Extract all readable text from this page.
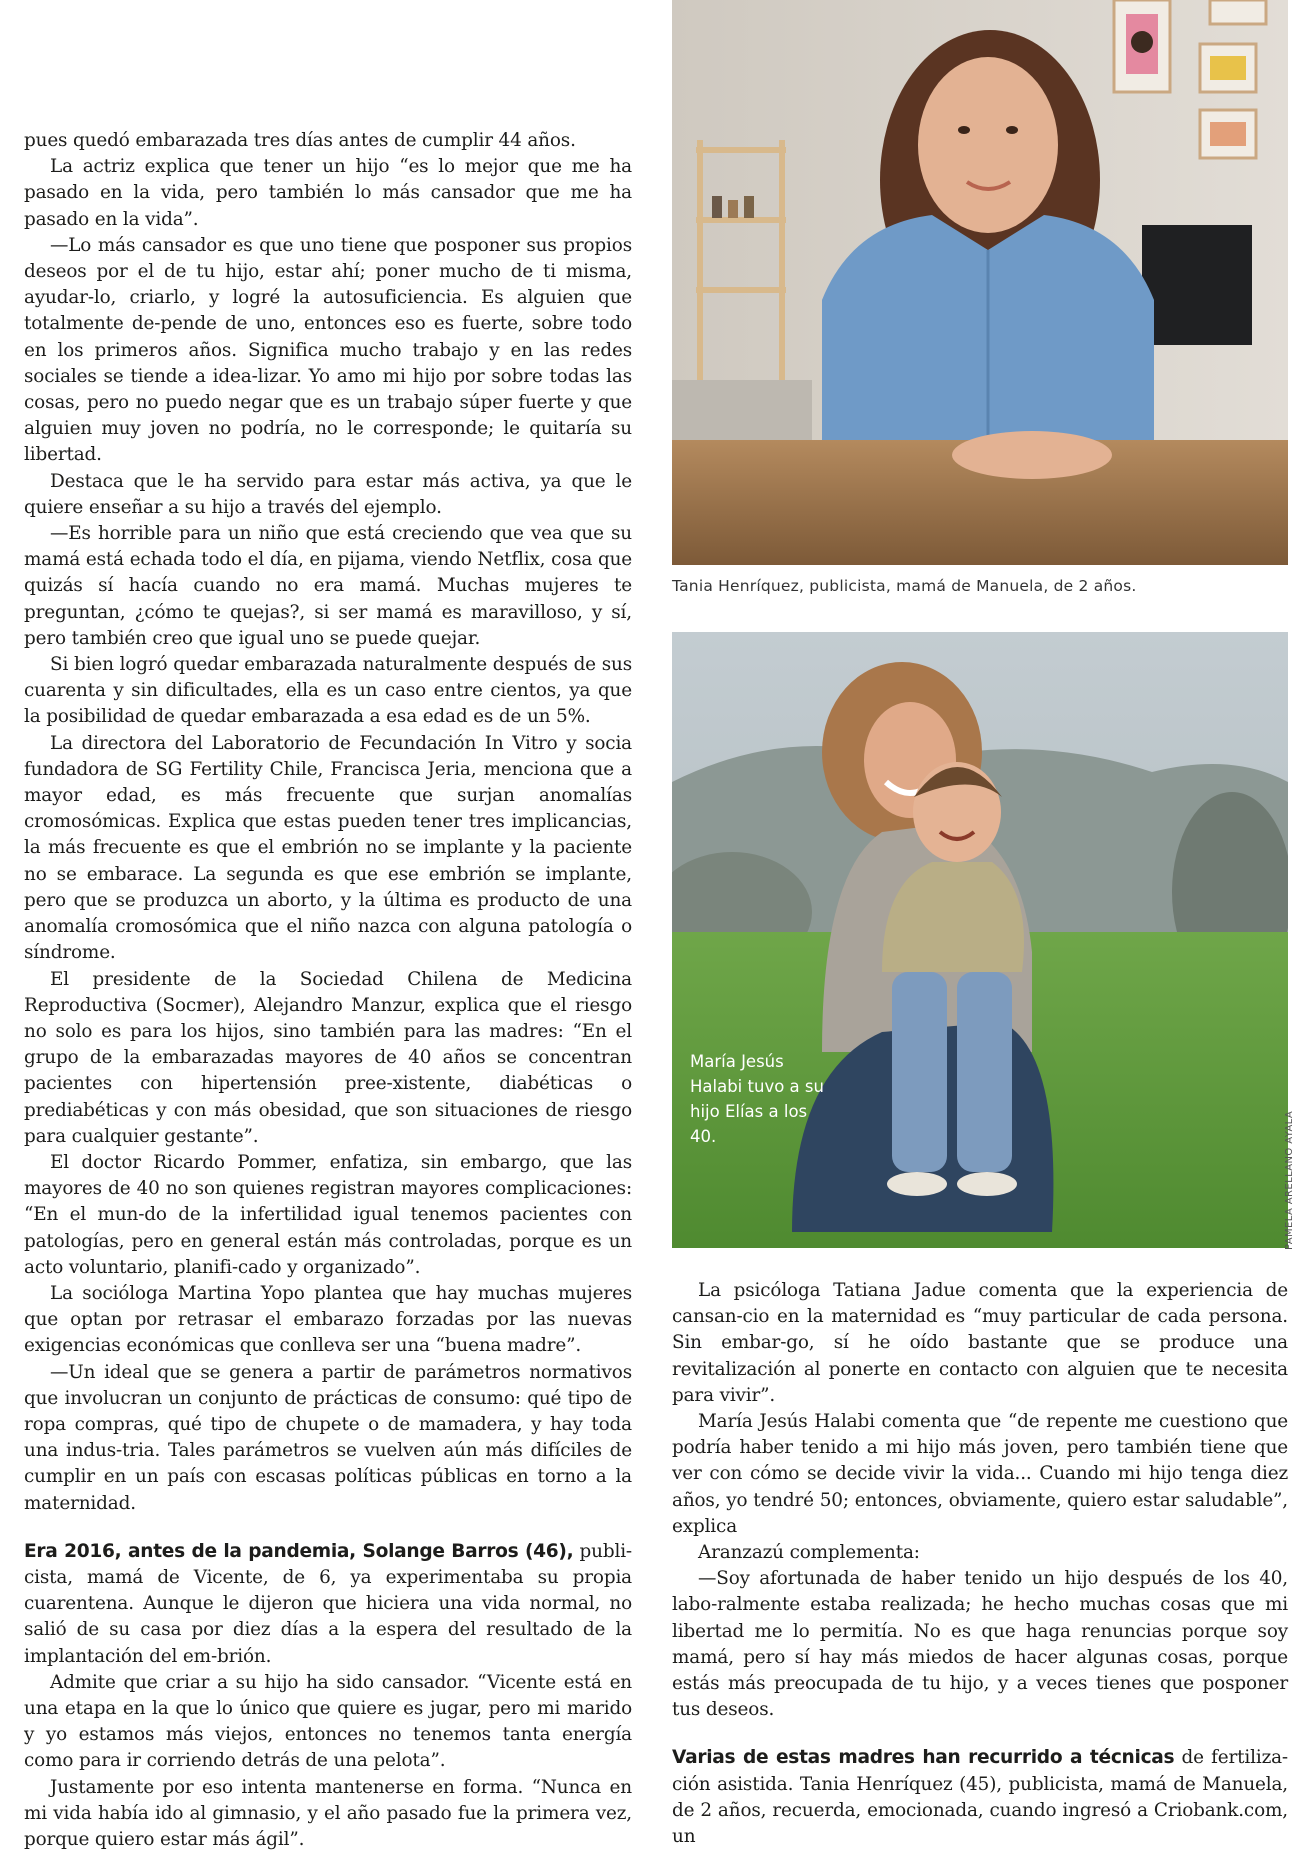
pues quedó embarazada tres días antes de cumplir 44 años.

La actriz explica que tener un hijo “es lo mejor que me ha pasado en la vida, pero también lo más cansador que me ha pasado en la vida”.

—Lo más cansador es que uno tiene que posponer sus propios deseos por el de tu hijo, estar ahí; poner mucho de ti misma, ayudar-lo, criarlo, y logré la autosuficiencia. Es alguien que totalmente de-pende de uno, entonces eso es fuerte, sobre todo en los primeros años. Significa mucho trabajo y en las redes sociales se tiende a idea-lizar. Yo amo mi hijo por sobre todas las cosas, pero no puedo negar que es un trabajo súper fuerte y que alguien muy joven no podría, no le corresponde; le quitaría su libertad.

Destaca que le ha servido para estar más activa, ya que le quiere enseñar a su hijo a través del ejemplo.

—Es horrible para un niño que está creciendo que vea que su mamá está echada todo el día, en pijama, viendo Netflix, cosa que quizás sí hacía cuando no era mamá. Muchas mujeres te preguntan, ¿cómo te quejas?, si ser mamá es maravilloso, y sí, pero también creo que igual uno se puede quejar.

Si bien logró quedar embarazada naturalmente después de sus cuarenta y sin dificultades, ella es un caso entre cientos, ya que la posibilidad de quedar embarazada a esa edad es de un 5%.

La directora del Laboratorio de Fecundación In Vitro y socia fundadora de SG Fertility Chile, Francisca Jeria, menciona que a mayor edad, es más frecuente que surjan anomalías cromosómicas. Explica que estas pueden tener tres implicancias, la más frecuente es que el embrión no se implante y la paciente no se embarace. La segunda es que ese embrión se implante, pero que se produzca un aborto, y la última es producto de una anomalía cromosómica que el niño nazca con alguna patología o síndrome.

El presidente de la Sociedad Chilena de Medicina Reproductiva (Socmer), Alejandro Manzur, explica que el riesgo no solo es para los hijos, sino también para las madres: “En el grupo de la embarazadas mayores de 40 años se concentran pacientes con hipertensión pree-xistente, diabéticas o prediabéticas y con más obesidad, que son situaciones de riesgo para cualquier gestante”.

El doctor Ricardo Pommer, enfatiza, sin embargo, que las mayores de 40 no son quienes registran mayores complicaciones: “En el mun-do de la infertilidad igual tenemos pacientes con patologías, pero en general están más controladas, porque es un acto voluntario, planifi-cado y organizado”.

La socióloga Martina Yopo plantea que hay muchas mujeres que optan por retrasar el embarazo forzadas por las nuevas exigencias económicas que conlleva ser una “buena madre”.

—Un ideal que se genera a partir de parámetros normativos que involucran un conjunto de prácticas de consumo: qué tipo de ropa compras, qué tipo de chupete o de mamadera, y hay toda una indus-tria. Tales parámetros se vuelven aún más difíciles de cumplir en un país con escasas políticas públicas en torno a la maternidad.

Era 2016, antes de la pandemia, Solange Barros (46), publi-cista, mamá de Vicente, de 6, ya experimentaba su propia cuarentena. Aunque le dijeron que hiciera una vida normal, no salió de su casa por diez días a la espera del resultado de la implantación del em-brión.

Admite que criar a su hijo ha sido cansador. “Vicente está en una etapa en la que lo único que quiere es jugar, pero mi marido y yo estamos más viejos, entonces no tenemos tanta energía como para ir corriendo detrás de una pelota”.

Justamente por eso intenta mantenerse en forma. “Nunca en mi vida había ido al gimnasio, y el año pasado fue la primera vez, porque quiero estar más ágil”.

Tania Henríquez, publicista, mamá de Manuela, de 2 años.
María Jesús Halabi tuvo a su hijo Elías a los 40.	PAMELA ARELLANO AYALA

La psicóloga Tatiana Jadue comenta que la experiencia de cansan-cio en la maternidad es “muy particular de cada persona. Sin embar-go, sí he oído bastante que se produce una revitalización al ponerte en contacto con alguien que te necesita para vivir”.

María Jesús Halabi comenta que “de repente me cuestiono que podría haber tenido a mi hijo más joven, pero también tiene que ver con cómo se decide vivir la vida... Cuando mi hijo tenga diez años, yo tendré 50; entonces, obviamente, quiero estar saludable”, explica

Aranzazú complementa:

—Soy afortunada de haber tenido un hijo después de los 40, labo-ralmente estaba realizada; he hecho muchas cosas que mi libertad me lo permitía. No es que haga renuncias porque soy mamá, pero sí hay más miedos de hacer algunas cosas, porque estás más preocupada de tu hijo, y a veces tienes que posponer tus deseos.

Varias de estas madres han recurrido a técnicas de fertiliza-ción asistida. Tania Henríquez (45), publicista, mamá de Manuela, de 2 años, recuerda, emocionada, cuando ingresó a Criobank.com, un
